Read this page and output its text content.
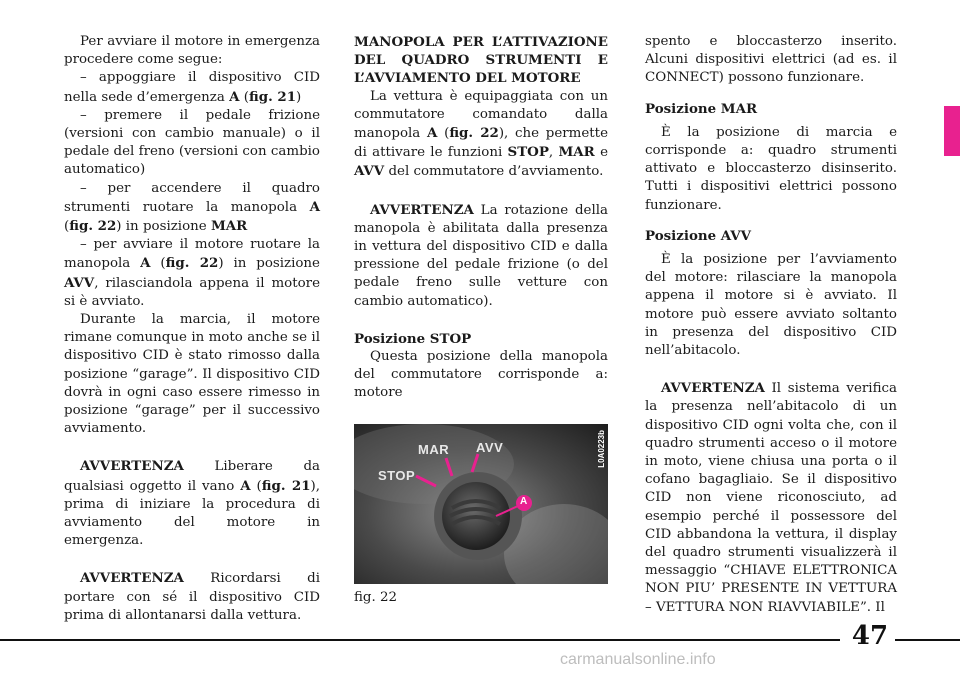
Per avviare il motore in emergenza procedere come segue:

– appoggiare il dispositivo CID nella sede d’emergenza A (fig. 21)

– premere il pedale frizione (versioni con cambio manuale) o il pedale del freno (versioni con cambio automatico)

– per accendere il quadro strumenti ruotare la manopola A (fig. 22) in posizione MAR

– per avviare il motore ruotare la manopola A (fig. 22) in posizione AVV, rilasciandola appena il motore si è avviato.

Durante la marcia, il motore rimane comunque in moto anche se il dispositivo CID è stato rimosso dalla posizione “garage”. Il dispositivo CID dovrà in ogni caso essere rimesso in posizione “garage” per il successivo avviamento.

AVVERTENZA Liberare da qualsiasi oggetto il vano A (fig. 21), prima di iniziare la procedura di avviamento del motore in emergenza.

AVVERTENZA Ricordarsi di portare con sé il dispositivo CID prima di allontanarsi dalla vettura.

MANOPOLA PER L’ATTIVAZIONE DEL QUADRO STRUMENTI E L’AVVIAMENTO DEL MOTORE

La vettura è equipaggiata con un commutatore comandato dalla manopola A (fig. 22), che permette di attivare le funzioni STOP, MAR e AVV del commutatore d’avviamento.

AVVERTENZA La rotazione della manopola è abilitata dalla presenza in vettura del dispositivo CID e dalla pressione del pedale frizione (o del pedale freno sulle vetture con cambio automatico).

Posizione STOP

Questa posizione della manopola del commutatore corrisponde a: motore

MAR AVV
STOP
A
L0A0223b
fig. 22

spento e bloccasterzo inserito. Alcuni dispositivi elettrici (ad es. il CONNECT) possono funzionare.

Posizione MAR

È la posizione di marcia e corrisponde a: quadro strumenti attivato e bloccasterzo disinserito. Tutti i dispositivi elettrici possono funzionare.

Posizione AVV

È la posizione per l’avviamento del motore: rilasciare la manopola appena il motore si è avviato. Il motore può essere avviato soltanto in presenza del dispositivo CID nell’abitacolo.

AVVERTENZA Il sistema verifica la presenza nell’abitacolo di un dispositivo CID ogni volta che, con il quadro strumenti acceso o il motore in moto, viene chiusa una porta o il cofano bagagliaio. Se il dispositivo CID non viene riconosciuto, ad esempio perché il possessore del CID abbandona la vettura, il display del quadro strumenti visualizzerà il messaggio “CHIAVE ELETTRONICA NON PIU’ PRESENTE IN VETTURA – VETTURA NON RIAVVIABILE”. Il

47
carmanualsonline.info
